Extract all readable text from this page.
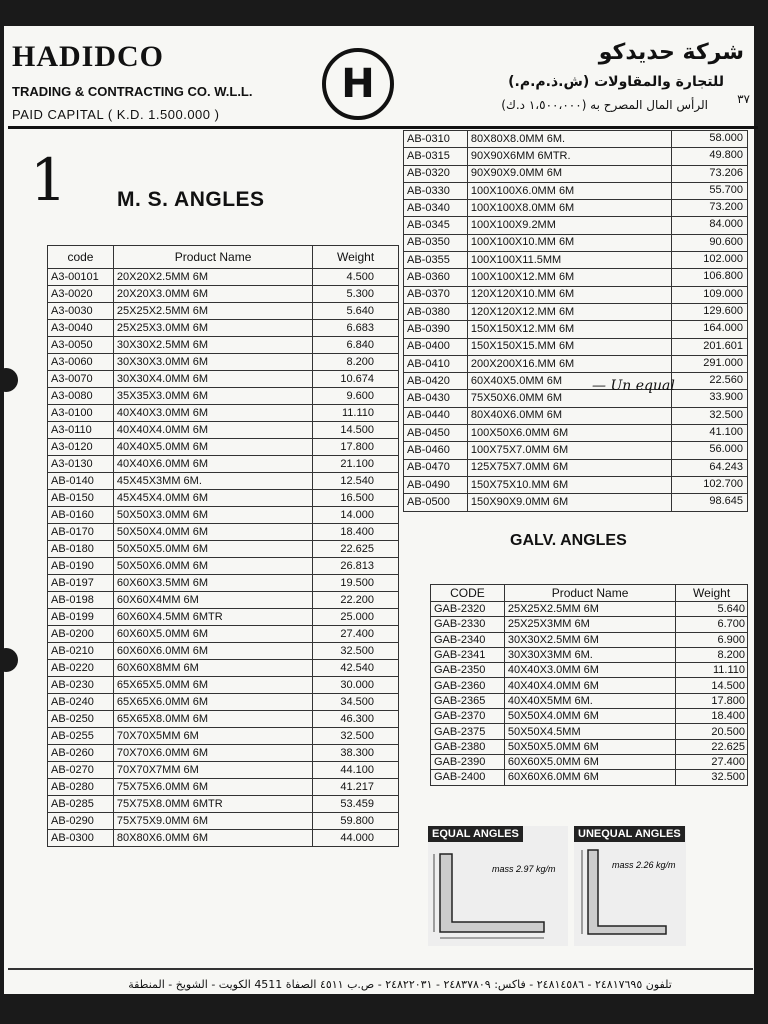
HADIDCO
TRADING & CONTRACTING CO. W.L.L.
PAID CAPITAL ( K.D. 1.500.000 )
H
شركة حديدكو
للتجارة والمقاولات (ش.ذ.م.م.)
الرأس المال المصرح به (١،٥٠٠،٠٠٠ د.ك) ٣٧
1 M. S. ANGLES
GALV. ANGLES
code	Product Name	Weight
A3-00101	20X20X2.5MM 6M	4.500
A3-0020	20X20X3.0MM 6M	5.300
A3-0030	25X25X2.5MM 6M	5.640
A3-0040	25X25X3.0MM 6M	6.683
A3-0050	30X30X2.5MM 6M	6.840
A3-0060	30X30X3.0MM 6M	8.200
A3-0070	30X30X4.0MM 6M	10.674
A3-0080	35X35X3.0MM 6M	9.600
A3-0100	40X40X3.0MM 6M	11.110
A3-0110	40X40X4.0MM 6M	14.500
A3-0120	40X40X5.0MM 6M	17.800
A3-0130	40X40X6.0MM 6M	21.100
AB-0140	45X45X3MM 6M.	12.540
AB-0150	45X45X4.0MM 6M	16.500
AB-0160	50X50X3.0MM 6M	14.000
AB-0170	50X50X4.0MM 6M	18.400
AB-0180	50X50X5.0MM 6M	22.625
AB-0190	50X50X6.0MM 6M	26.813
AB-0197	60X60X3.5MM 6M	19.500
AB-0198	60X60X4MM 6M	22.200
AB-0199	60X60X4.5MM 6MTR	25.000
AB-0200	60X60X5.0MM 6M	27.400
AB-0210	60X60X6.0MM 6M	32.500
AB-0220	60X60X8MM 6M	42.540
AB-0230	65X65X5.0MM 6M	30.000
AB-0240	65X65X6.0MM 6M	34.500
AB-0250	65X65X8.0MM 6M	46.300
AB-0255	70X70X5MM 6M	32.500
AB-0260	70X70X6.0MM 6M	38.300
AB-0270	70X70X7MM 6M	44.100
AB-0280	75X75X6.0MM 6M	41.217
AB-0285	75X75X8.0MM 6MTR	53.459
AB-0290	75X75X9.0MM 6M	59.800
AB-0300	80X80X6.0MM 6M	44.000
AB-0310	80X80X8.0MM 6M.	58.000
AB-0315	90X90X6MM 6MTR.	49.800
AB-0320	90X90X9.0MM 6M	73.206
AB-0330	100X100X6.0MM 6M	55.700
AB-0340	100X100X8.0MM 6M	73.200
AB-0345	100X100X9.2MM	84.000
AB-0350	100X100X10.MM 6M	90.600
AB-0355	100X100X11.5MM	102.000
AB-0360	100X100X12.MM 6M	106.800
AB-0370	120X120X10.MM 6M	109.000
AB-0380	120X120X12.MM 6M	129.600
AB-0390	150X150X12.MM 6M	164.000
AB-0400	150X150X15.MM 6M	201.601
AB-0410	200X200X16.MM 6M	291.000
AB-0420	60X40X5.0MM 6M	22.560
AB-0430	75X50X6.0MM 6M	33.900
AB-0440	80X40X6.0MM 6M	32.500
AB-0450	100X50X6.0MM 6M	41.100
AB-0460	100X75X7.0MM 6M	56.000
AB-0470	125X75X7.0MM 6M	64.243
AB-0490	150X75X10.MM 6M	102.700
AB-0500	150X90X9.0MM 6M	98.645
— Un equal
CODE	Product Name	Weight
GAB-2320	25X25X2.5MM 6M	5.640
GAB-2330	25X25X3MM 6M	6.700
GAB-2340	30X30X2.5MM 6M	6.900
GAB-2341	30X30X3MM 6M.	8.200
GAB-2350	40X40X3.0MM 6M	11.110
GAB-2360	40X40X4.0MM 6M	14.500
GAB-2365	40X40X5MM 6M.	17.800
GAB-2370	50X50X4.0MM 6M	18.400
GAB-2375	50X50X4.5MM	20.500
GAB-2380	50X50X5.0MM 6M	22.625
GAB-2390	60X60X5.0MM 6M	27.400
GAB-2400	60X60X6.0MM 6M	32.500
EQUAL ANGLES
mass 2.97 kg/m
UNEQUAL ANGLES
mass 2.26 kg/m
تلفون ٢٤٨١٧٦٩٥ - ٢٤٨١٤٥٨٦ - فاكس: ٢٤٨٣٧٨٠٩ - ٢٤٨٢٢٠٣١ - ص.ب ٤٥١١ الصفاة 4511 الكويت - الشويخ - المنطقة
